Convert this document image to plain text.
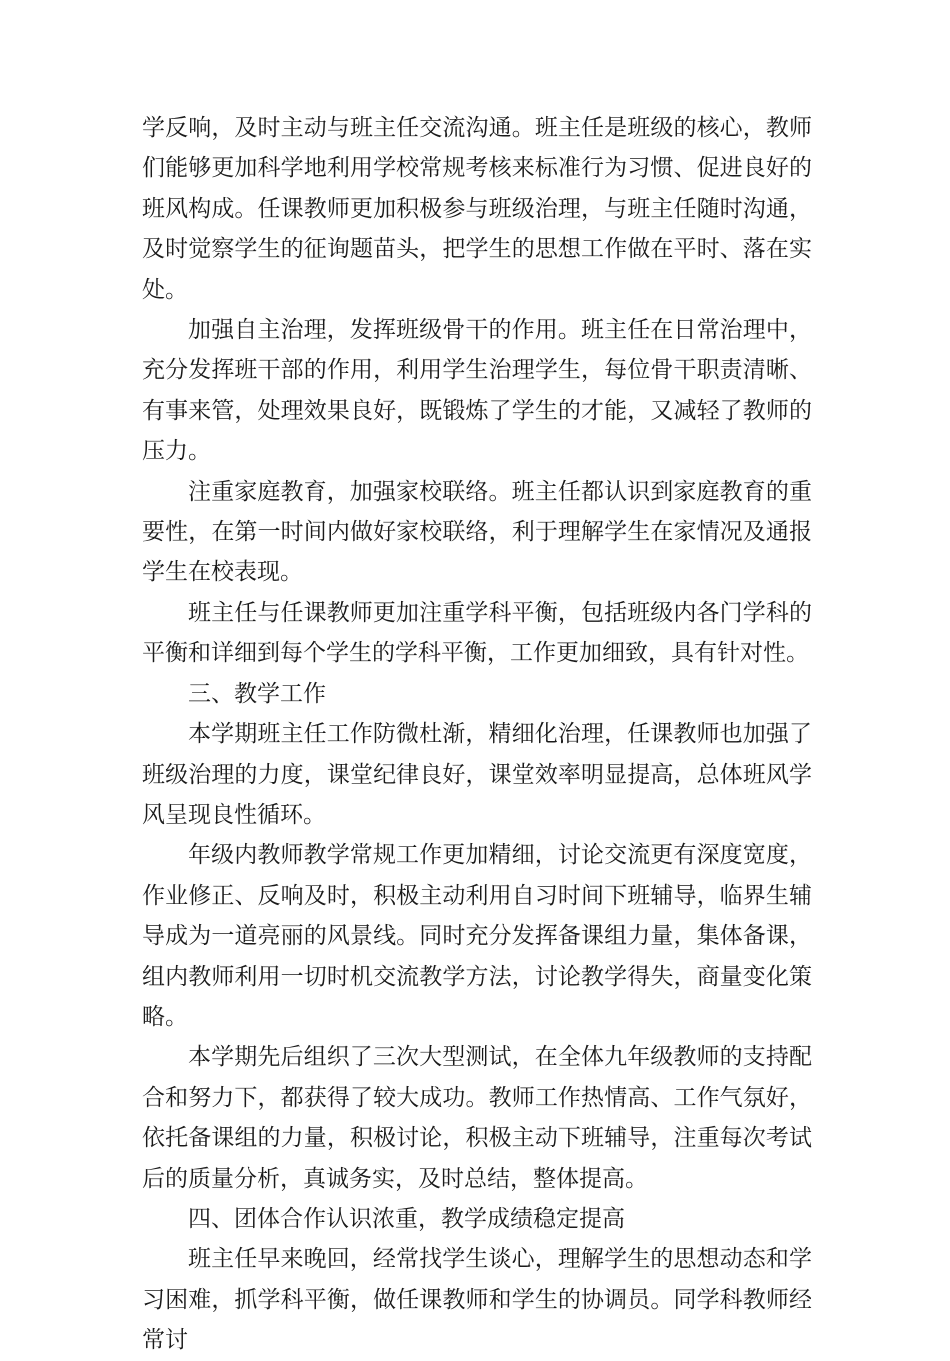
学反响，及时主动与班主任交流沟通。班主任是班级的核心，教师们能够更加科学地利用学校常规考核来标准行为习惯、促进良好的班风构成。任课教师更加积极参与班级治理，与班主任随时沟通，及时觉察学生的征询题苗头，把学生的思想工作做在平时、落在实处。

加强自主治理，发挥班级骨干的作用。班主任在日常治理中，充分发挥班干部的作用，利用学生治理学生，每位骨干职责清晰、有事来管，处理效果良好，既锻炼了学生的才能，又减轻了教师的压力。

注重家庭教育，加强家校联络。班主任都认识到家庭教育的重要性，在第一时间内做好家校联络，利于理解学生在家情况及通报学生在校表现。

班主任与任课教师更加注重学科平衡，包括班级内各门学科的平衡和详细到每个学生的学科平衡，工作更加细致，具有针对性。

三、教学工作

本学期班主任工作防微杜渐，精细化治理，任课教师也加强了班级治理的力度，课堂纪律良好，课堂效率明显提高，总体班风学风呈现良性循环。

年级内教师教学常规工作更加精细，讨论交流更有深度宽度，作业修正、反响及时，积极主动利用自习时间下班辅导，临界生辅导成为一道亮丽的风景线。同时充分发挥备课组力量，集体备课，组内教师利用一切时机交流教学方法，讨论教学得失，商量变化策略。

本学期先后组织了三次大型测试，在全体九年级教师的支持配合和努力下，都获得了较大成功。教师工作热情高、工作气氛好，依托备课组的力量，积极讨论，积极主动下班辅导，注重每次考试后的质量分析，真诚务实，及时总结，整体提高。

四、团体合作认识浓重，教学成绩稳定提高

班主任早来晚回，经常找学生谈心，理解学生的思想动态和学习困难，抓学科平衡，做任课教师和学生的协调员。同学科教师经常讨
